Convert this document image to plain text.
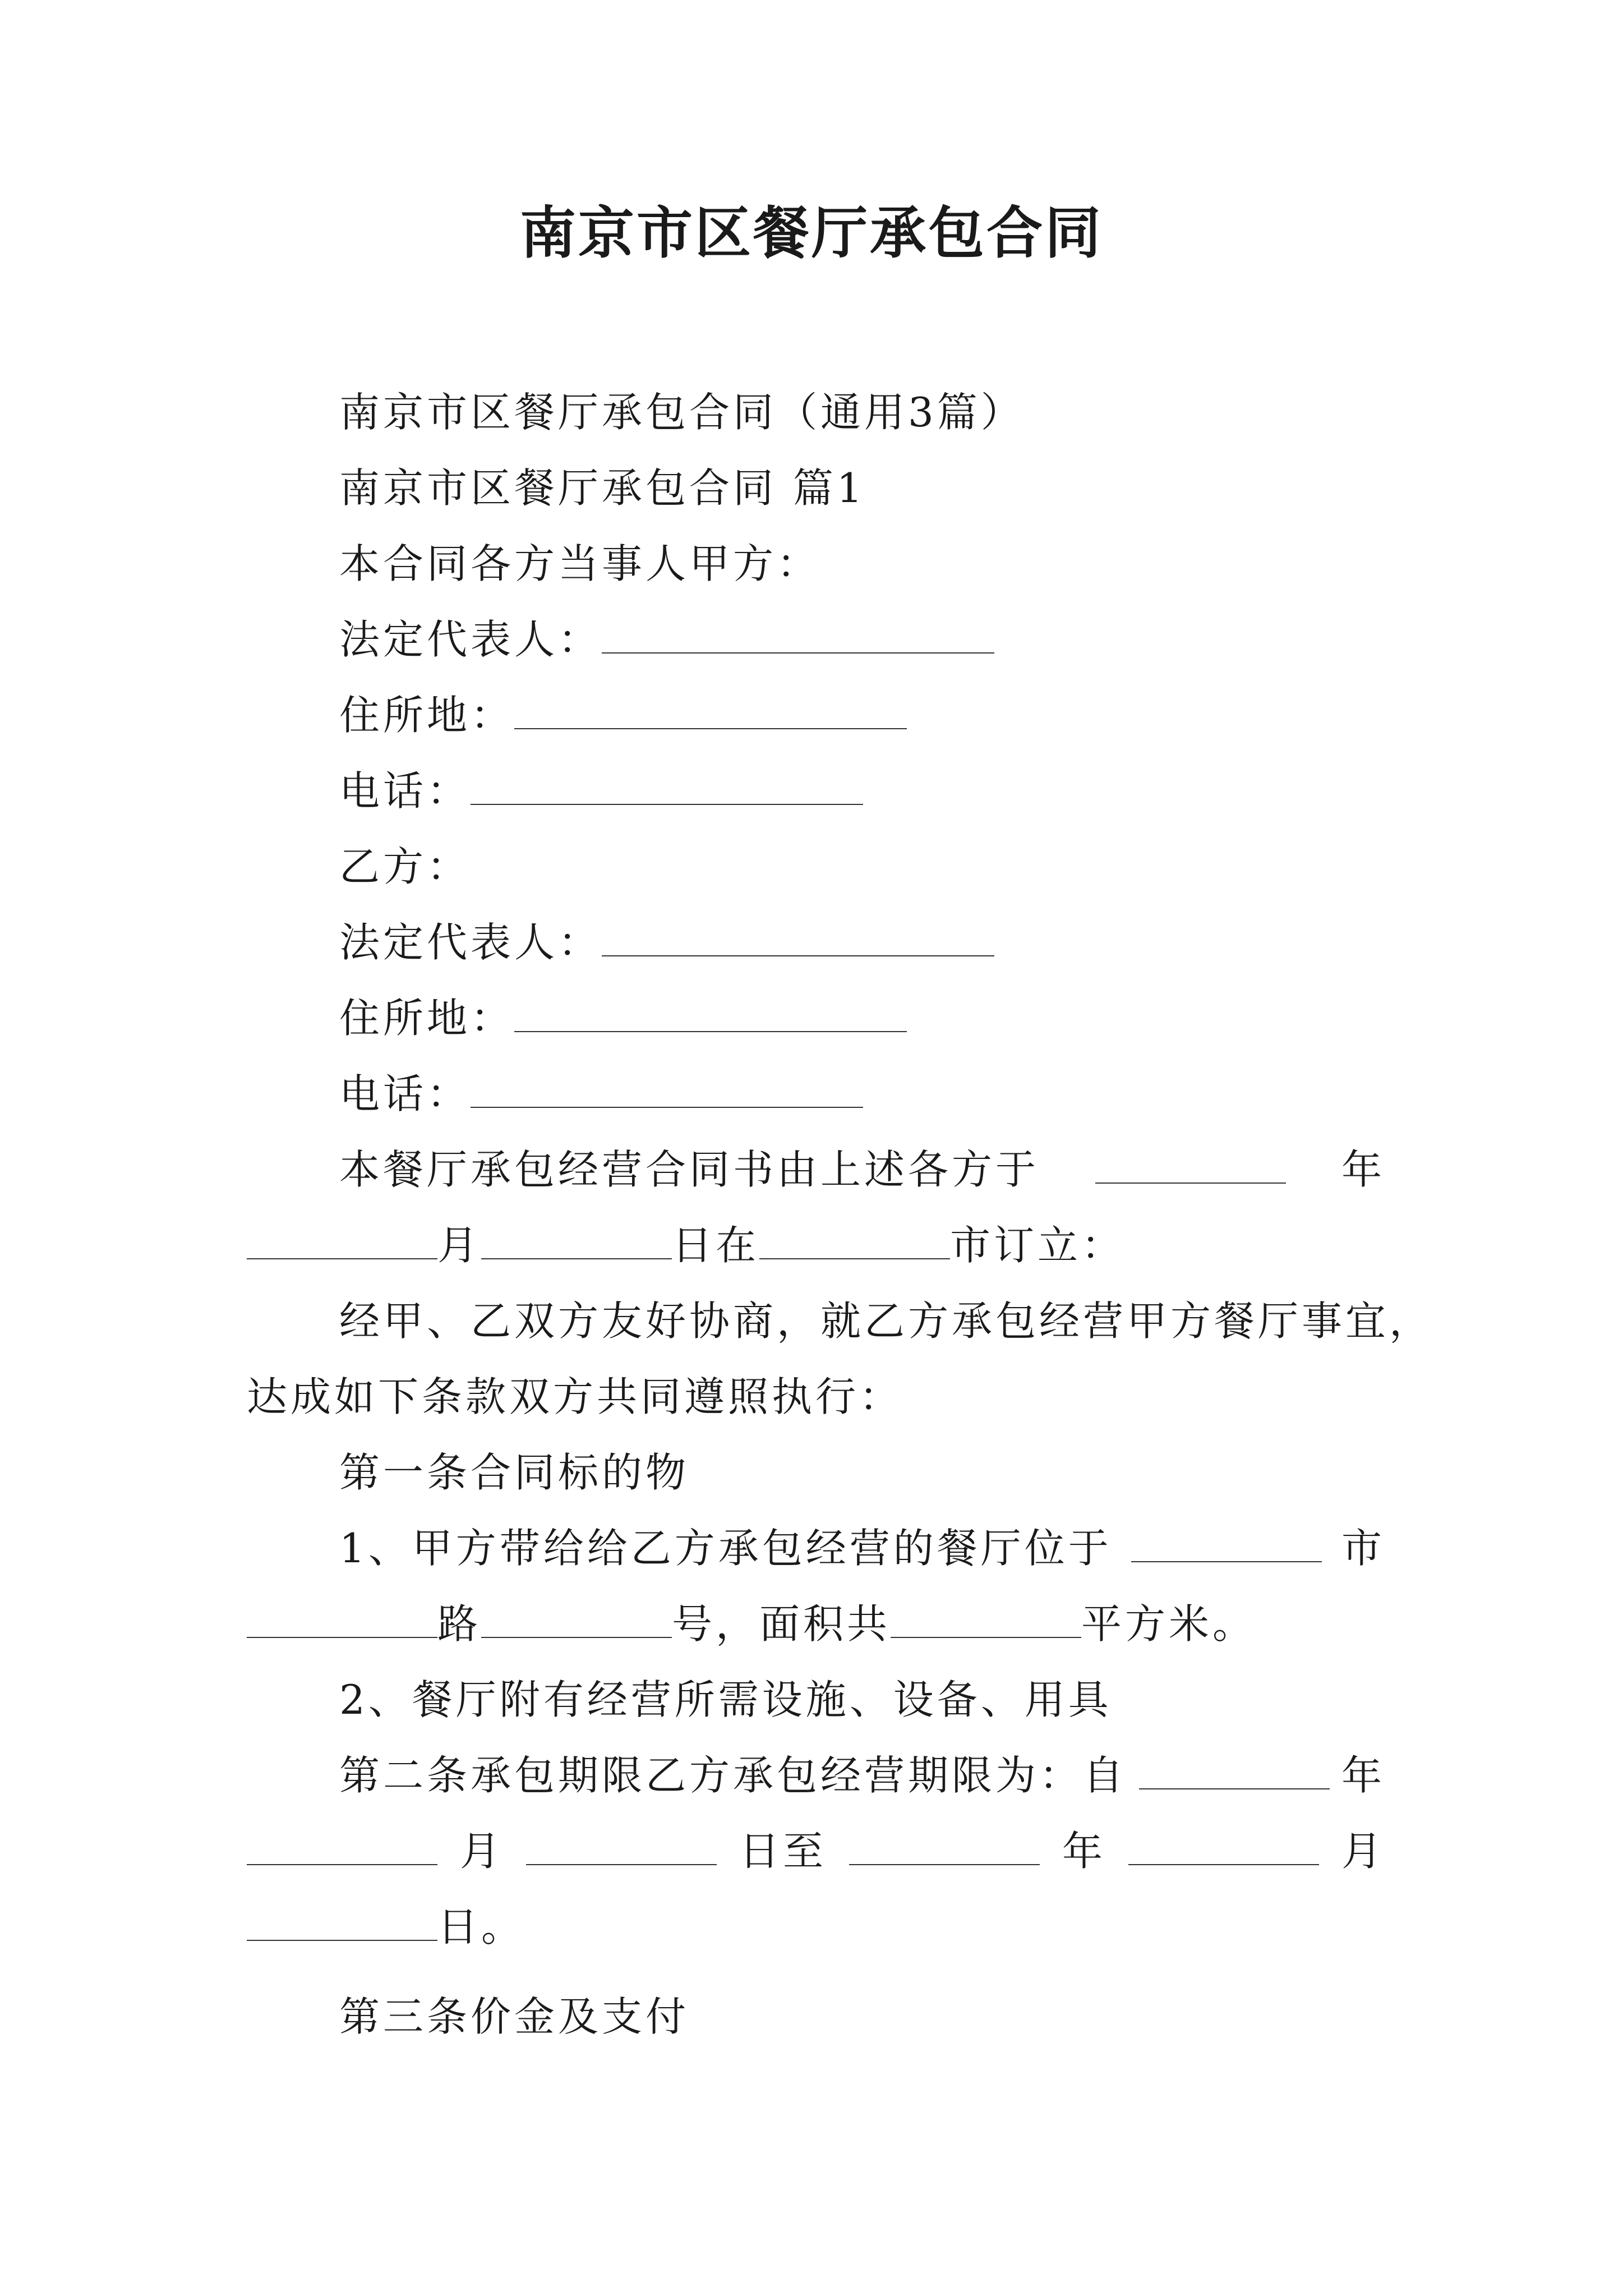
南京市区餐厅承包合同
南京市区餐厅承包合同（通用3篇）
南京市区餐厅承包合同 篇1
本合同各方当事人甲方：
法定代表人：
住所地：
电话：
乙方：
法定代表人：
住所地：
电话：
本餐厅承包经营合同书由上述各方于	年
月	日在	市订立：
经甲、乙双方友好协商，就乙方承包经营甲方餐厅事宜，
达成如下条款双方共同遵照执行：
第一条合同标的物
1、甲方带给给乙方承包经营的餐厅位于	市
路	号，面积共	平方米。
2、餐厅附有经营所需设施、设备、用具
第二条承包期限乙方承包经营期限为：自	年
月	日至	年	月
日。
第三条价金及支付
